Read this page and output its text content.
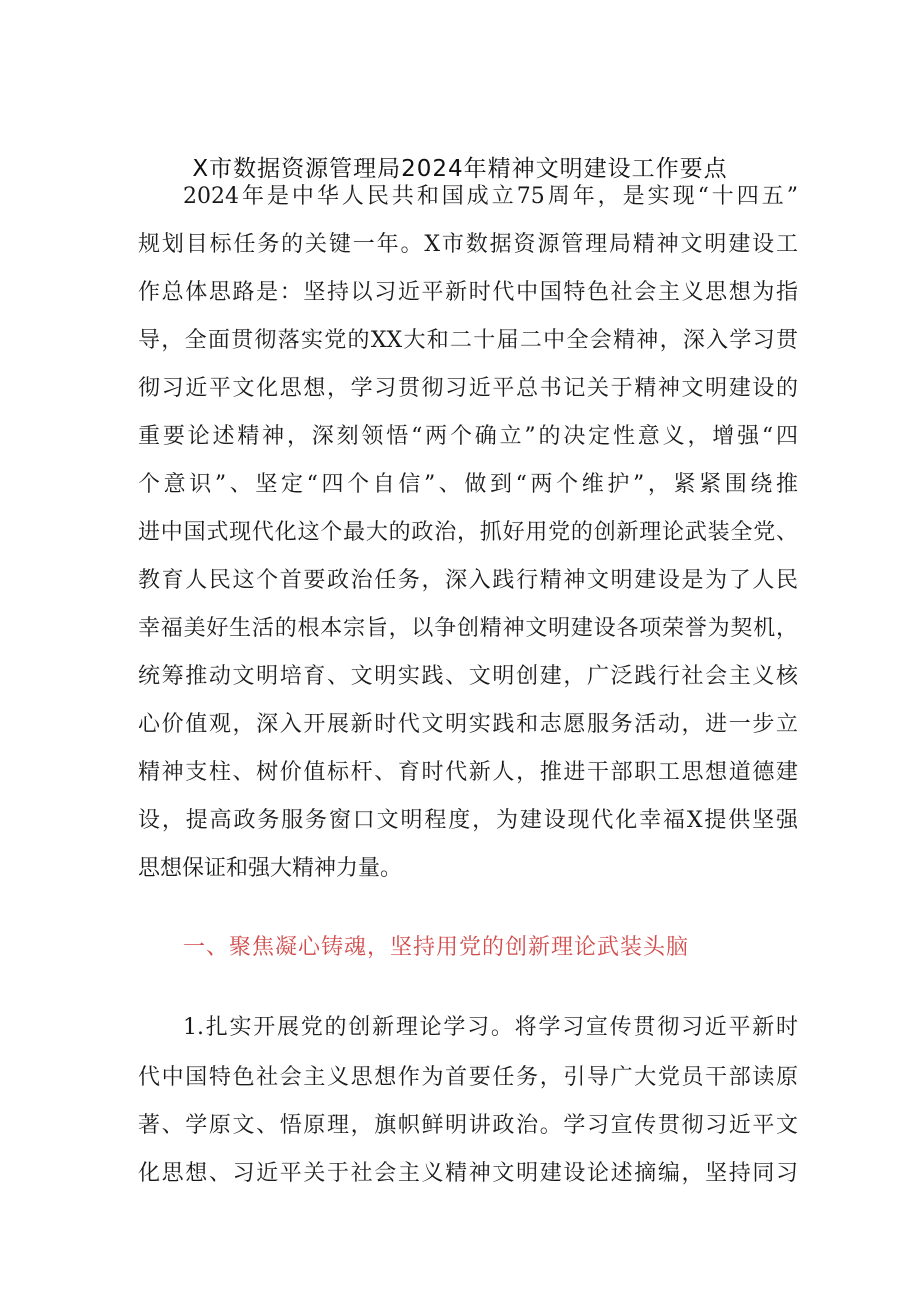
X市数据资源管理局2024年精神文明建设工作要点
2024年是中华人民共和国成立75周年，是实现“十四五”
规划目标任务的关键一年。X市数据资源管理局精神文明建设工
作总体思路是：坚持以习近平新时代中国特色社会主义思想为指
导，全面贯彻落实党的XX大和二十届二中全会精神，深入学习贯
彻习近平文化思想，学习贯彻习近平总书记关于精神文明建设的
重要论述精神，深刻领悟“两个确立”的决定性意义，增强“四
个意识”、坚定“四个自信”、做到“两个维护”，紧紧围绕推
进中国式现代化这个最大的政治，抓好用党的创新理论武装全党、
教育人民这个首要政治任务，深入践行精神文明建设是为了人民
幸福美好生活的根本宗旨，以争创精神文明建设各项荣誉为契机，
统筹推动文明培育、文明实践、文明创建，广泛践行社会主义核
心价值观，深入开展新时代文明实践和志愿服务活动，进一步立
精神支柱、树价值标杆、育时代新人，推进干部职工思想道德建
设，提高政务服务窗口文明程度，为建设现代化幸福X提供坚强
思想保证和强大精神力量。
一、聚焦凝心铸魂，坚持用党的创新理论武装头脑
1.扎实开展党的创新理论学习。将学习宣传贯彻习近平新时
代中国特色社会主义思想作为首要任务，引导广大党员干部读原
著、学原文、悟原理，旗帜鲜明讲政治。学习宣传贯彻习近平文
化思想、习近平关于社会主义精神文明建设论述摘编，坚持同习
